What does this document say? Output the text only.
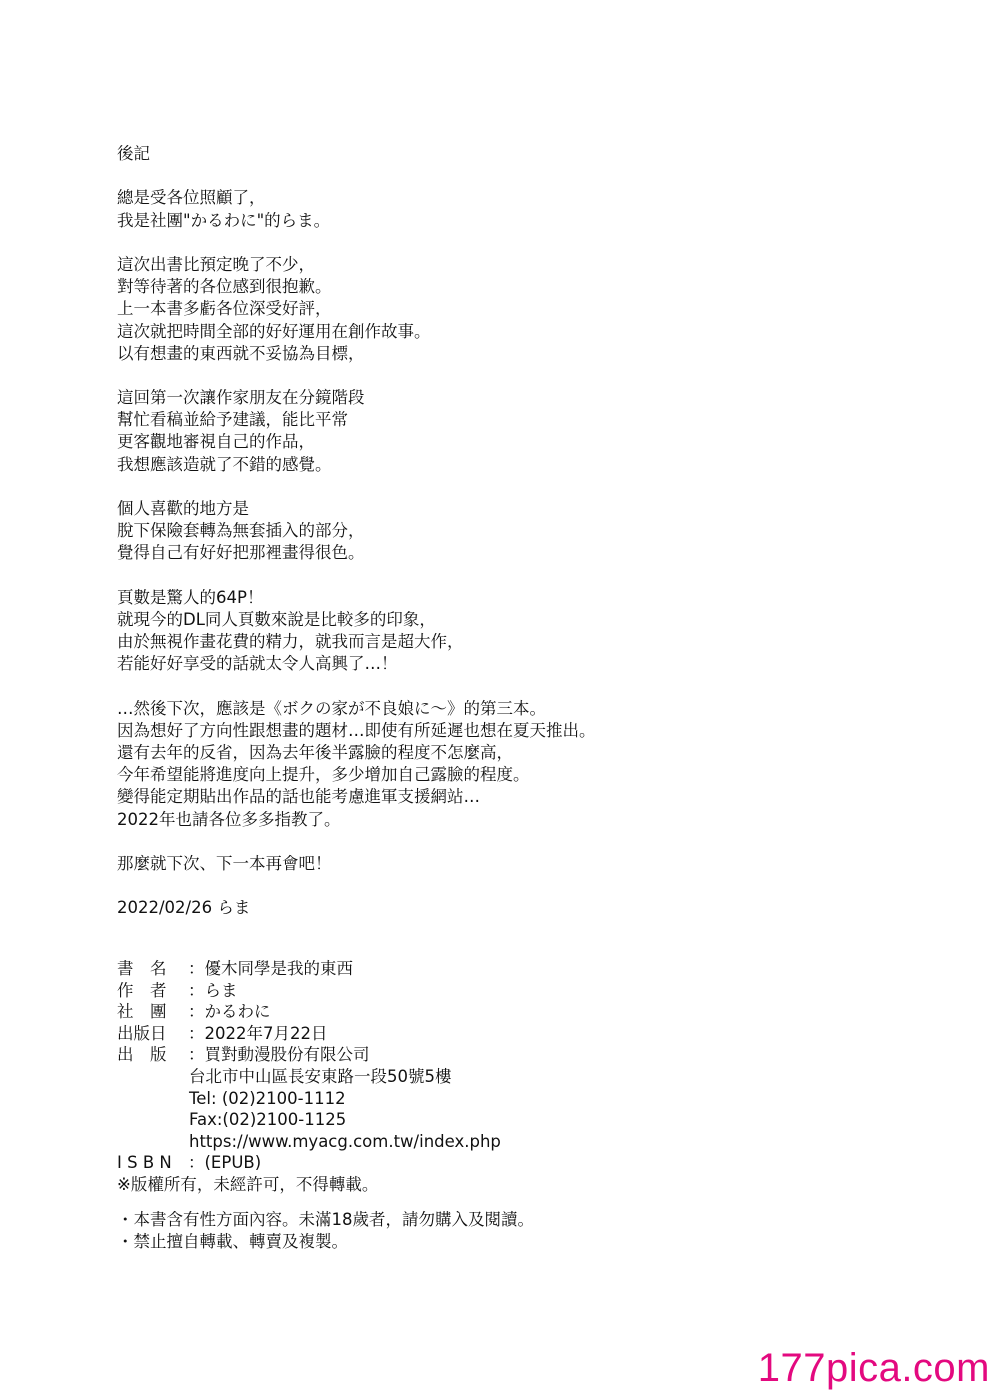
後記
總是受各位照顧了，
我是社團"かるわに"的らま。
這次出書比預定晚了不少，
對等待著的各位感到很抱歉。
上一本書多虧各位深受好評，
這次就把時間全部的好好運用在創作故事。
以有想畫的東西就不妥協為目標，
這回第一次讓作家朋友在分鏡階段
幫忙看稿並給予建議，能比平常
更客觀地審視自己的作品，
我想應該造就了不錯的感覺。
個人喜歡的地方是
脫下保險套轉為無套插入的部分，
覺得自己有好好把那裡畫得很色。
頁數是驚人的64P！
就現今的DL同人頁數來說是比較多的印象，
由於無視作畫花費的精力，就我而言是超大作，
若能好好享受的話就太令人高興了…！
…然後下次，應該是《ボクの家が不良娘に～》的第三本。
因為想好了方向性跟想畫的題材…即使有所延遲也想在夏天推出。
還有去年的反省，因為去年後半露臉的程度不怎麼高，
今年希望能將進度向上提升，多少增加自己露臉的程度。
變得能定期貼出作品的話也能考慮進軍支援網站…
2022年也請各位多多指教了。
那麼就下次、下一本再會吧！
2022/02/26 らま
書　名	： 優木同學是我的東西
作　者	： らま
社　團	： かるわに
出版日	： 2022年7月22日
出　版	： 買對動漫股份有限公司
台北市中山區長安東路一段50號5樓
Tel: (02)2100-1112
Fax:(02)2100-1125
https://www.myacg.com.tw/index.php
I S B N ： (EPUB)
※版權所有，未經許可，不得轉載。
・本書含有性方面內容。未滿18歲者，請勿購入及閱讀。
・禁止擅自轉載、轉賣及複製。
177pica.com
